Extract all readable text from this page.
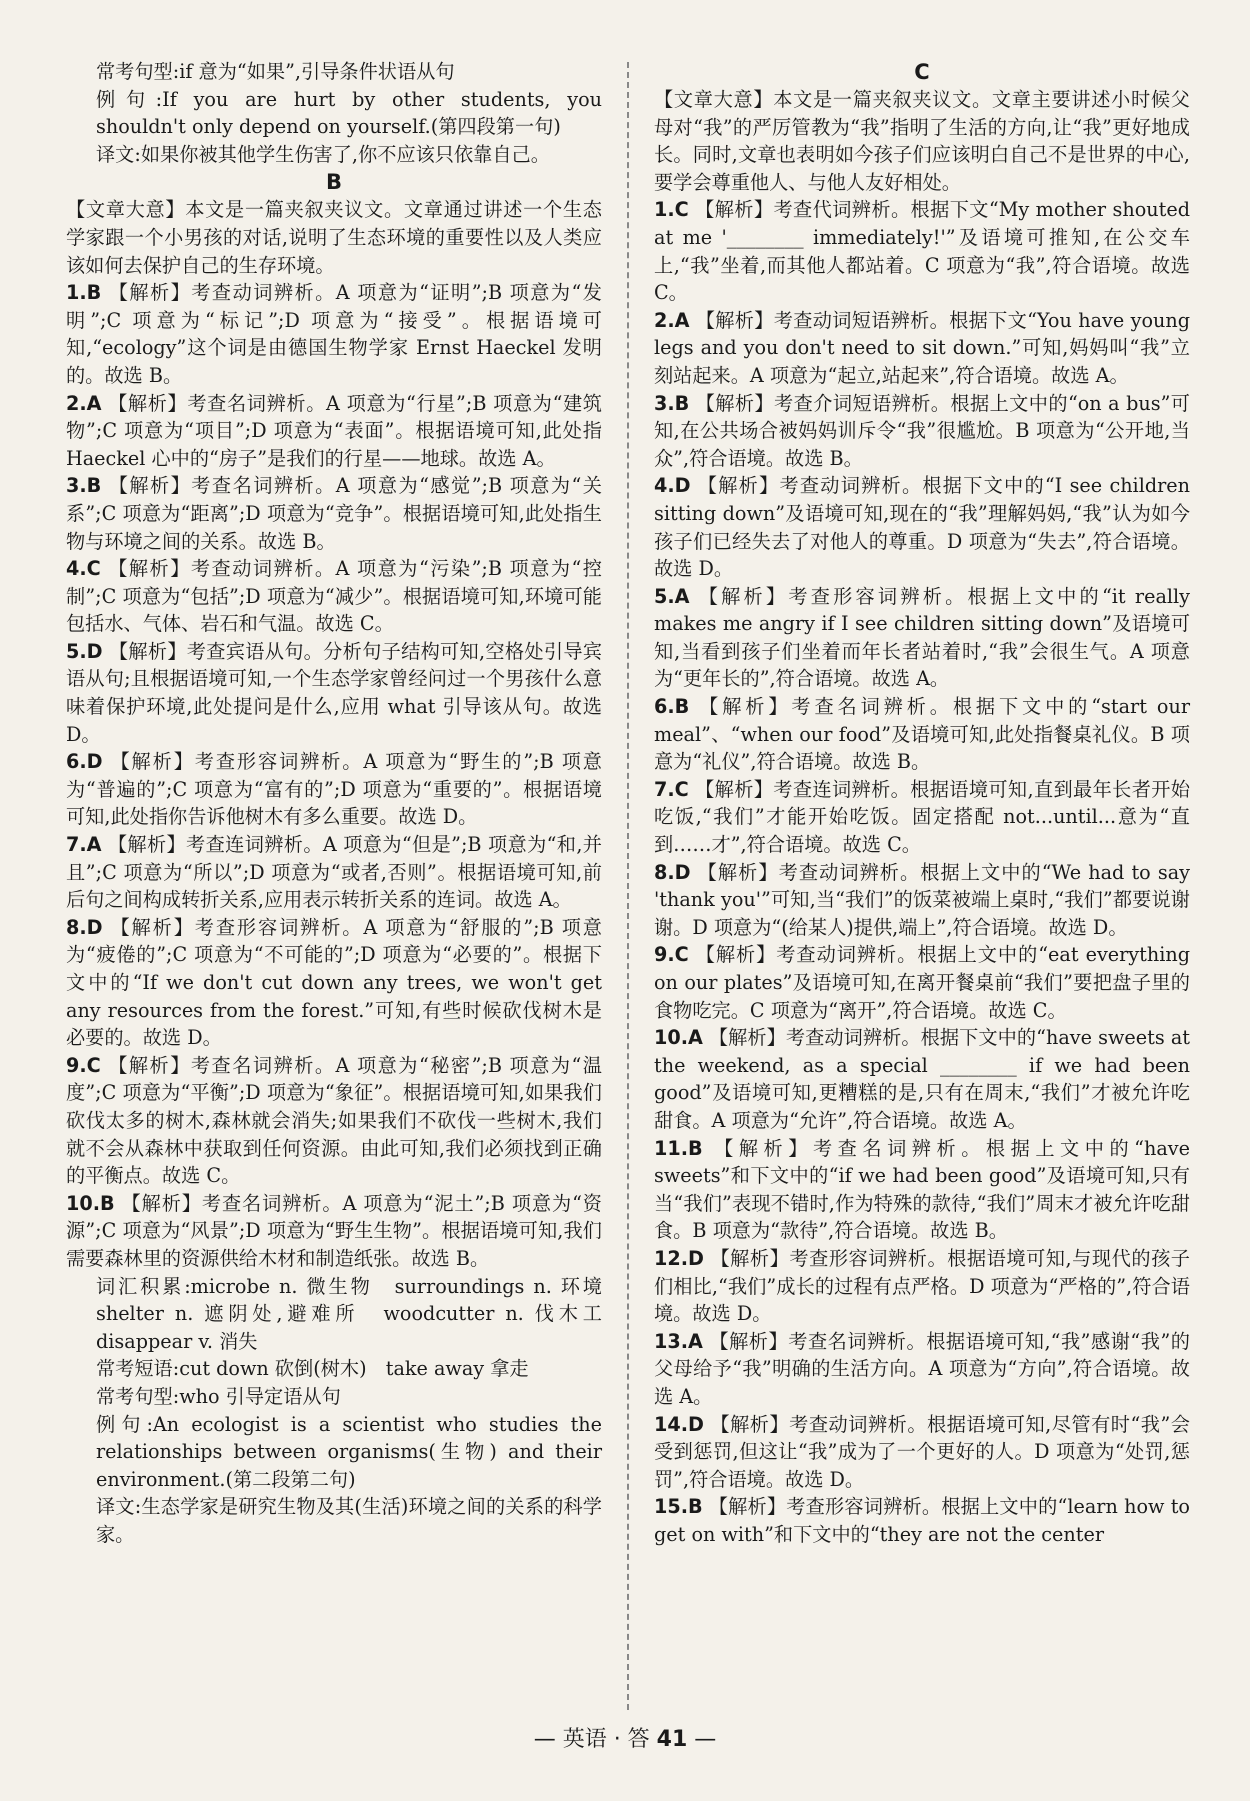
常考句型:if 意为“如果”,引导条件状语从句

例句:If you are hurt by other students, you shouldn't only depend on yourself.(第四段第一句)

译文:如果你被其他学生伤害了,你不应该只依靠自己。

B

【文章大意】本文是一篇夹叙夹议文。文章通过讲述一个生态学家跟一个小男孩的对话,说明了生态环境的重要性以及人类应该如何去保护自己的生存环境。

1.B 【解析】考查动词辨析。A 项意为“证明”;B 项意为“发明”;C 项意为“标记”;D 项意为“接受”。根据语境可知,“ecology”这个词是由德国生物学家 Ernst Haeckel 发明的。故选 B。

2.A 【解析】考查名词辨析。A 项意为“行星”;B 项意为“建筑物”;C 项意为“项目”;D 项意为“表面”。根据语境可知,此处指 Haeckel 心中的“房子”是我们的行星——地球。故选 A。

3.B 【解析】考查名词辨析。A 项意为“感觉”;B 项意为“关系”;C 项意为“距离”;D 项意为“竞争”。根据语境可知,此处指生物与环境之间的关系。故选 B。

4.C 【解析】考查动词辨析。A 项意为“污染”;B 项意为“控制”;C 项意为“包括”;D 项意为“减少”。根据语境可知,环境可能包括水、气体、岩石和气温。故选 C。

5.D 【解析】考查宾语从句。分析句子结构可知,空格处引导宾语从句;且根据语境可知,一个生态学家曾经问过一个男孩什么意味着保护环境,此处提问是什么,应用 what 引导该从句。故选 D。

6.D 【解析】考查形容词辨析。A 项意为“野生的”;B 项意为“普遍的”;C 项意为“富有的”;D 项意为“重要的”。根据语境可知,此处指你告诉他树木有多么重要。故选 D。

7.A 【解析】考查连词辨析。A 项意为“但是”;B 项意为“和,并且”;C 项意为“所以”;D 项意为“或者,否则”。根据语境可知,前后句之间构成转折关系,应用表示转折关系的连词。故选 A。

8.D 【解析】考查形容词辨析。A 项意为“舒服的”;B 项意为“疲倦的”;C 项意为“不可能的”;D 项意为“必要的”。根据下文中的“If we don't cut down any trees, we won't get any resources from the forest.”可知,有些时候砍伐树木是必要的。故选 D。

9.C 【解析】考查名词辨析。A 项意为“秘密”;B 项意为“温度”;C 项意为“平衡”;D 项意为“象征”。根据语境可知,如果我们砍伐太多的树木,森林就会消失;如果我们不砍伐一些树木,我们就不会从森林中获取到任何资源。由此可知,我们必须找到正确的平衡点。故选 C。

10.B 【解析】考查名词辨析。A 项意为“泥土”;B 项意为“资源”;C 项意为“风景”;D 项意为“野生生物”。根据语境可知,我们需要森林里的资源供给木材和制造纸张。故选 B。

词汇积累:microbe n. 微生物　surroundings n. 环境　shelter n. 遮阴处,避难所　woodcutter n. 伐木工　disappear v. 消失

常考短语:cut down 砍倒(树木)　take away 拿走

常考句型:who 引导定语从句

例句:An ecologist is a scientist who studies the relationships between organisms(生物) and their environment.(第二段第二句)

译文:生态学家是研究生物及其(生活)环境之间的关系的科学家。

C

【文章大意】本文是一篇夹叙夹议文。文章主要讲述小时候父母对“我”的严厉管教为“我”指明了生活的方向,让“我”更好地成长。同时,文章也表明如今孩子们应该明白自己不是世界的中心,要学会尊重他人、与他人友好相处。

1.C 【解析】考查代词辨析。根据下文“My mother shouted at me '________ immediately!'”及语境可推知,在公交车上,“我”坐着,而其他人都站着。C 项意为“我”,符合语境。故选 C。

2.A 【解析】考查动词短语辨析。根据下文“You have young legs and you don't need to sit down.”可知,妈妈叫“我”立刻站起来。A 项意为“起立,站起来”,符合语境。故选 A。

3.B 【解析】考查介词短语辨析。根据上文中的“on a bus”可知,在公共场合被妈妈训斥令“我”很尴尬。B 项意为“公开地,当众”,符合语境。故选 B。

4.D 【解析】考查动词辨析。根据下文中的“I see children sitting down”及语境可知,现在的“我”理解妈妈,“我”认为如今孩子们已经失去了对他人的尊重。D 项意为“失去”,符合语境。故选 D。

5.A 【解析】考查形容词辨析。根据上文中的“it really makes me angry if I see children sitting down”及语境可知,当看到孩子们坐着而年长者站着时,“我”会很生气。A 项意为“更年长的”,符合语境。故选 A。

6.B 【解析】考查名词辨析。根据下文中的“start our meal”、“when our food”及语境可知,此处指餐桌礼仪。B 项意为“礼仪”,符合语境。故选 B。

7.C 【解析】考查连词辨析。根据语境可知,直到最年长者开始吃饭,“我们”才能开始吃饭。固定搭配 not...until...意为“直到……才”,符合语境。故选 C。

8.D 【解析】考查动词辨析。根据上文中的“We had to say 'thank you'”可知,当“我们”的饭菜被端上桌时,“我们”都要说谢谢。D 项意为“(给某人)提供,端上”,符合语境。故选 D。

9.C 【解析】考查动词辨析。根据上文中的“eat everything on our plates”及语境可知,在离开餐桌前“我们”要把盘子里的食物吃完。C 项意为“离开”,符合语境。故选 C。

10.A 【解析】考查动词辨析。根据下文中的“have sweets at the weekend, as a special ________ if we had been good”及语境可知,更糟糕的是,只有在周末,“我们”才被允许吃甜食。A 项意为“允许”,符合语境。故选 A。

11.B 【解析】考查名词辨析。根据上文中的“have sweets”和下文中的“if we had been good”及语境可知,只有当“我们”表现不错时,作为特殊的款待,“我们”周末才被允许吃甜食。B 项意为“款待”,符合语境。故选 B。

12.D 【解析】考查形容词辨析。根据语境可知,与现代的孩子们相比,“我们”成长的过程有点严格。D 项意为“严格的”,符合语境。故选 D。

13.A 【解析】考查名词辨析。根据语境可知,“我”感谢“我”的父母给予“我”明确的生活方向。A 项意为“方向”,符合语境。故选 A。

14.D 【解析】考查动词辨析。根据语境可知,尽管有时“我”会受到惩罚,但这让“我”成为了一个更好的人。D 项意为“处罚,惩罚”,符合语境。故选 D。

15.B 【解析】考查形容词辨析。根据上文中的“learn how to get on with”和下文中的“they are not the center

— 英语 · 答 41 —
